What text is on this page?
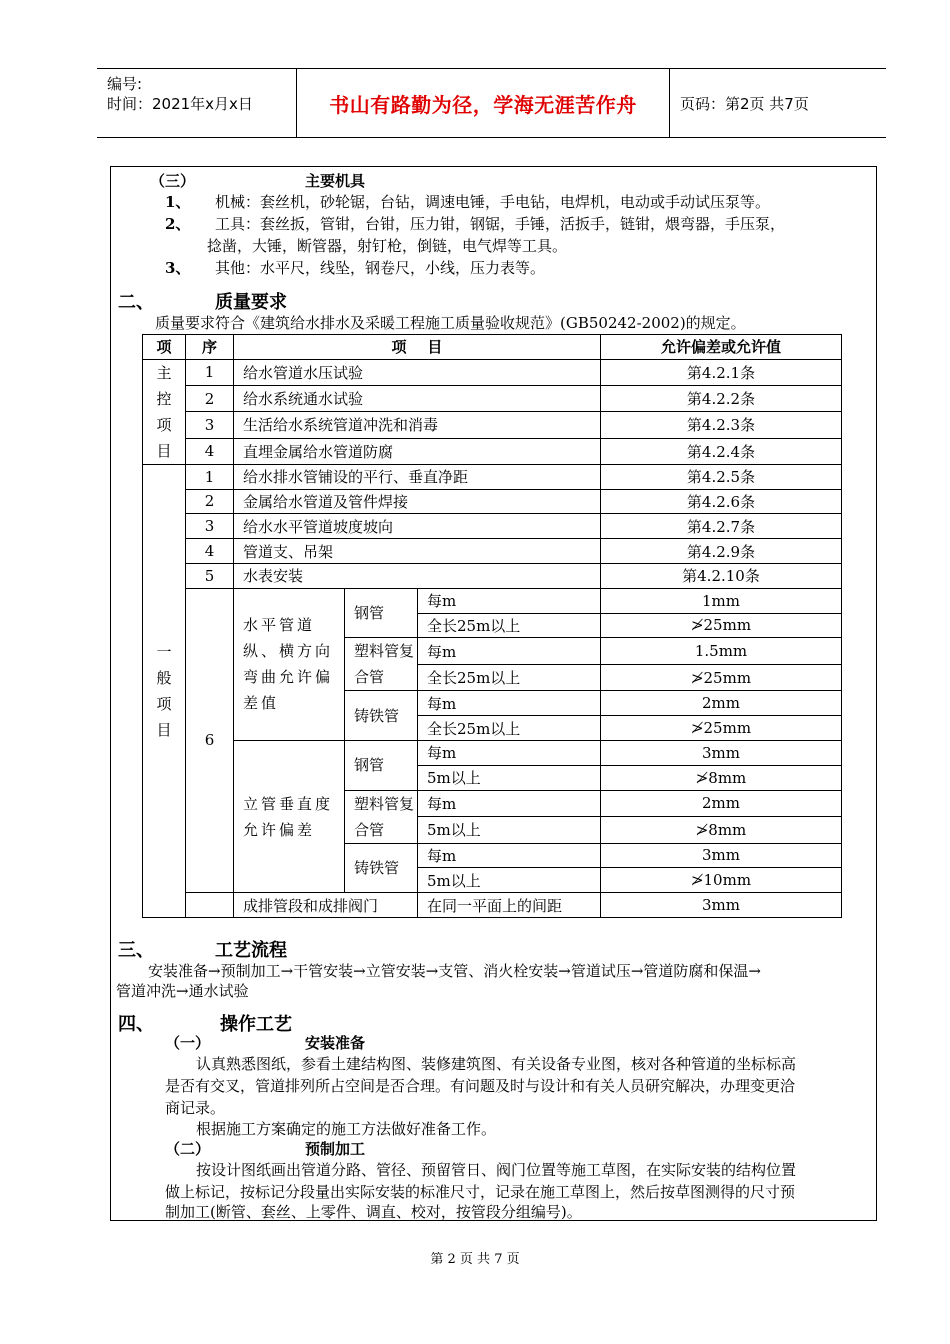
编号:
时间：2021年x月x日	书山有路勤为径，学海无涯苦作舟	页码：第2页 共7页
（三）	主要机具
1、 机械：套丝机，砂轮锯，台钻，调速电锤，手电钻，电焊机，电动或手动试压泵等。
2、 工具：套丝扳，管钳，台钳，压力钳，钢锯，手锤，活扳手，链钳，煨弯器，手压泵，
捻凿，大锤，断管器，射钉枪，倒链，电气焊等工具。
3、 其他：水平尺，线坠，钢卷尺，小线，压力表等。
二、	质量要求
质量要求符合《建筑给水排水及采暖工程施工质量验收规范》(GB50242-2002)的规定。
项	序	项    目			允许偏差或允许值

主控项目	1	给水管道水压试验			第4.2.1条
	2	给水系统通水试验			第4.2.2条
	3	生活给水系统管道冲洗和消毒			第4.2.3条
	4	直埋金属给水管道防腐			第4.2.4条

一般项目	1	给水排水管铺设的平行、垂直净距			第4.2.5条
	2	金属给水管道及管件焊接			第4.2.6条
	3	给水水平管道坡度坡向			第4.2.7条
	4	管道支、吊架			第4.2.9条
	5	水表安装			第4.2.10条
	6	水平管道纵、横方向弯曲允许偏差值	钢管	每m	1mm
				全长25m以上	≯25mm
			塑料管复合管	每m	1.5mm
				全长25m以上	≯25mm
			铸铁管	每m	2mm
				全长25m以上	≯25mm
		立管垂直度允许偏差	钢管	每m	3mm
				5m以上	≯8mm
			塑料管复合管	每m	2mm
				5m以上	≯8mm
			铸铁管	每m	3mm
				5m以上	≯10mm
		成排管段和成排阀门		在同一平面上的间距	3mm
三、	工艺流程
安装准备→预制加工→干管安装→立管安装→支管、消火栓安装→管道试压→管道防腐和保温→
管道冲洗→通水试验
四、	操作工艺
（一）	安装准备
认真熟悉图纸，参看土建结构图、装修建筑图、有关设备专业图，核对各种管道的坐标标高
是否有交叉，管道排列所占空间是否合理。有问题及时与设计和有关人员研究解决，办理变更洽
商记录。
根据施工方案确定的施工方法做好准备工作。
（二）	预制加工
按设计图纸画出管道分路、管径、预留管日、阀门位置等施工草图，在实际安装的结构位置
做上标记，按标记分段量出实际安装的标准尺寸，记录在施工草图上，然后按草图测得的尺寸预
制加工(断管、套丝、上零件、调直、校对，按管段分组编号)。
第 2 页 共 7 页
